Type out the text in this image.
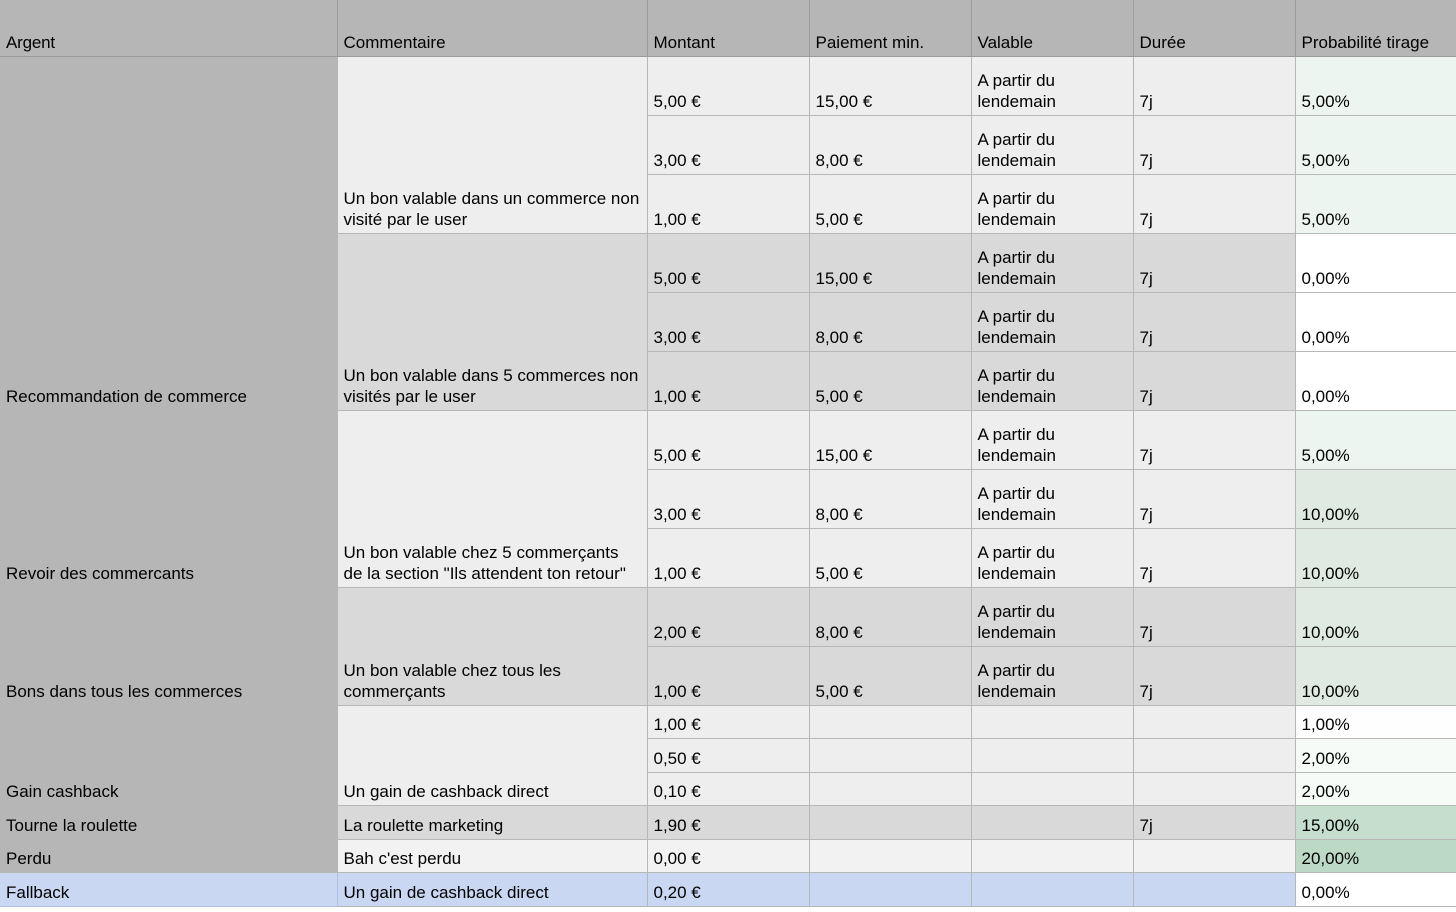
Argent	Commentaire	Montant	Paiement min.	Valable	Durée	Probabilité tirage
Recommandation de commerce	Un bon valable dans un commerce non visité par le user	5,00 €	15,00 €	A partir du lendemain	7j	5,00%
		3,00 €	8,00 €	A partir du lendemain	7j	5,00%
		1,00 €	5,00 €	A partir du lendemain	7j	5,00%
	Un bon valable dans 5 commerces non visités par le user	5,00 €	15,00 €	A partir du lendemain	7j	0,00%
		3,00 €	8,00 €	A partir du lendemain	7j	0,00%
		1,00 €	5,00 €	A partir du lendemain	7j	0,00%
Revoir des commercants	Un bon valable chez 5 commerçants de la section "Ils attendent ton retour"	5,00 €	15,00 €	A partir du lendemain	7j	5,00%
		3,00 €	8,00 €	A partir du lendemain	7j	10,00%
		1,00 €	5,00 €	A partir du lendemain	7j	10,00%
Bons dans tous les commerces	Un bon valable chez tous les commerçants	2,00 €	8,00 €	A partir du lendemain	7j	10,00%
		1,00 €	5,00 €	A partir du lendemain	7j	10,00%
Gain cashback	Un gain de cashback direct	1,00 €				1,00%
		0,50 €				2,00%
		0,10 €				2,00%
Tourne la roulette	La roulette marketing	1,90 €			7j	15,00%
Perdu	Bah c'est perdu	0,00 €				20,00%
Fallback	Un gain de cashback direct	0,20 €				0,00%
